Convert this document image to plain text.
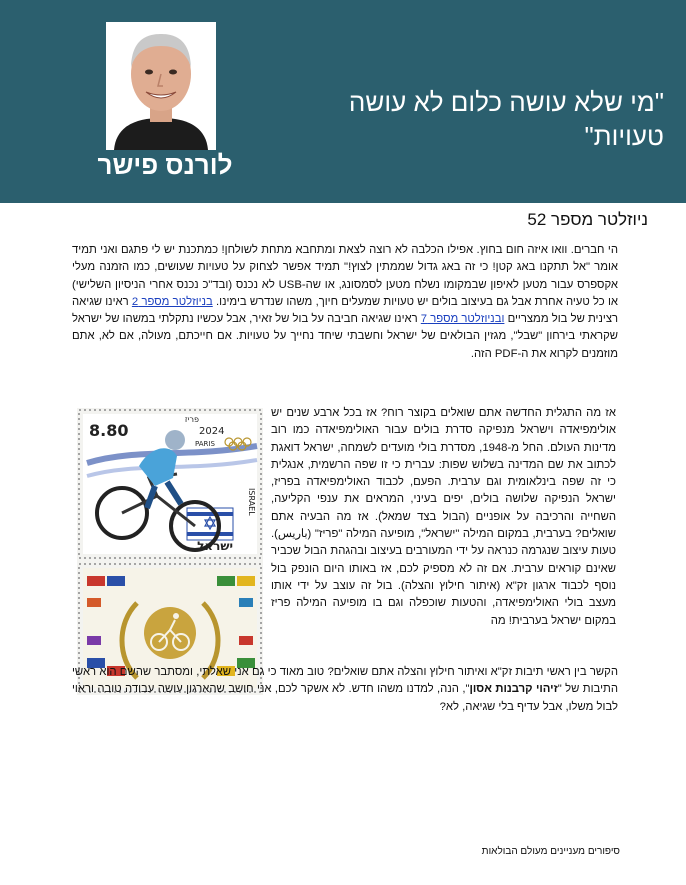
"מי שלא עושה כלום לא עושה טעויות"
לורנס פישר
ניוזלטר מספר 52
הי חברים. וואו איזה חום בחוץ. אפילו הכלבה לא רוצה לצאת ומתחבא מתחת לשולחן! כמתכנת יש לי פתגם ואני תמיד אומר "אל תתקנו באג קטן! כי זה באג גדול שממתין לצוץ!" תמיד אפשר לצחוק על טעויות שעושים, כמו הזמנה מעלי אקספרס עבור מטען לאיפון שבמקומו נשלח מטען לסמסונג, או שה-USB לא נכנס (ובד"כ נכנס אחרי הניסיון השלישי) או כל טעיה אחרת אבל גם בעיצוב בולים יש טעויות שמעלים חיוך, משהו שנדרש בימינו. בניוזלטר מספר 2 ראינו שגיאה רצינית של בול ממצריים ובניוזלטר מספר 7 ראינו שגיאה חביבה על בול של זאיר, אבל עכשיו נתקלתי במשהו של ישראל שקראתי בירחון "שבל", מגזין הבולאים של ישראל וחשבתי שיחד נחייך על טעויות. אם חייכתם, מעולה, אם לא, אתם מוזמנים לקרוא את ה-PDF הזה.
8.80	2024
PARIS
פריז
ISRAEL
ישראל
אז מה התגלית החדשה אתם שואלים בקוצר רוח? אז בכל ארבע שנים יש אולימפיאדה וישראל מנפיקה סדרת בולים עבור האולימפיאדה כמו רוב מדינות העולם. החל מ-1948, מסדרת בולי מועדים לשמחה, ישראל דואגת לכתוב את שם המדינה בשלוש שפות: עברית כי זו שפה הרשמית, אנגלית כי זה שפה בינלאומית וגם ערבית. הפעם, לכבוד האולימפיאדה בפריז, ישראל הנפיקה שלושה בולים, יפים בעיני, המראים את ענפי הקליעה, השחייה והרכיבה על אופניים (הבול בצד שמאל). אז מה הבעיה אתם שואלים? בערבית, במקום המילה "ישראל", מופיעה המילה "פריז" (باريس). טעות עיצוב שנגרמה כנראה על ידי המעורבים בעיצוב ובהגהת הבול שכביר שאינם קוראים ערבית. אם זה לא מספיק לכם, אז באותו היום הונפק בול נוסף לכבוד ארגון זק"א (איתור חילוץ והצלה). בול זה עוצב על ידי אותו מעצב בולי האולימפיאדה, והטעות שוכפלה וגם בו מופיעה המילה פריז במקום ישראל בערבית! מה
הקשר בין ראשי תיבות זק"א ואיתור חילוץ והצלה אתם שואלים? טוב מאוד כי גם אני שאלתי, ומסתבר שהשם הוא ראשי התיבות של "זיהוי קרבנות אסון", הנה, למדנו משהו חדש. לא אשקר לכם, אני חושב שהארגון עושה עבודה טובה וראוי לבול משלו, אבל עדיף בלי שגיאה, לא?
סיפורים מעניינים מעולם הבולאות
